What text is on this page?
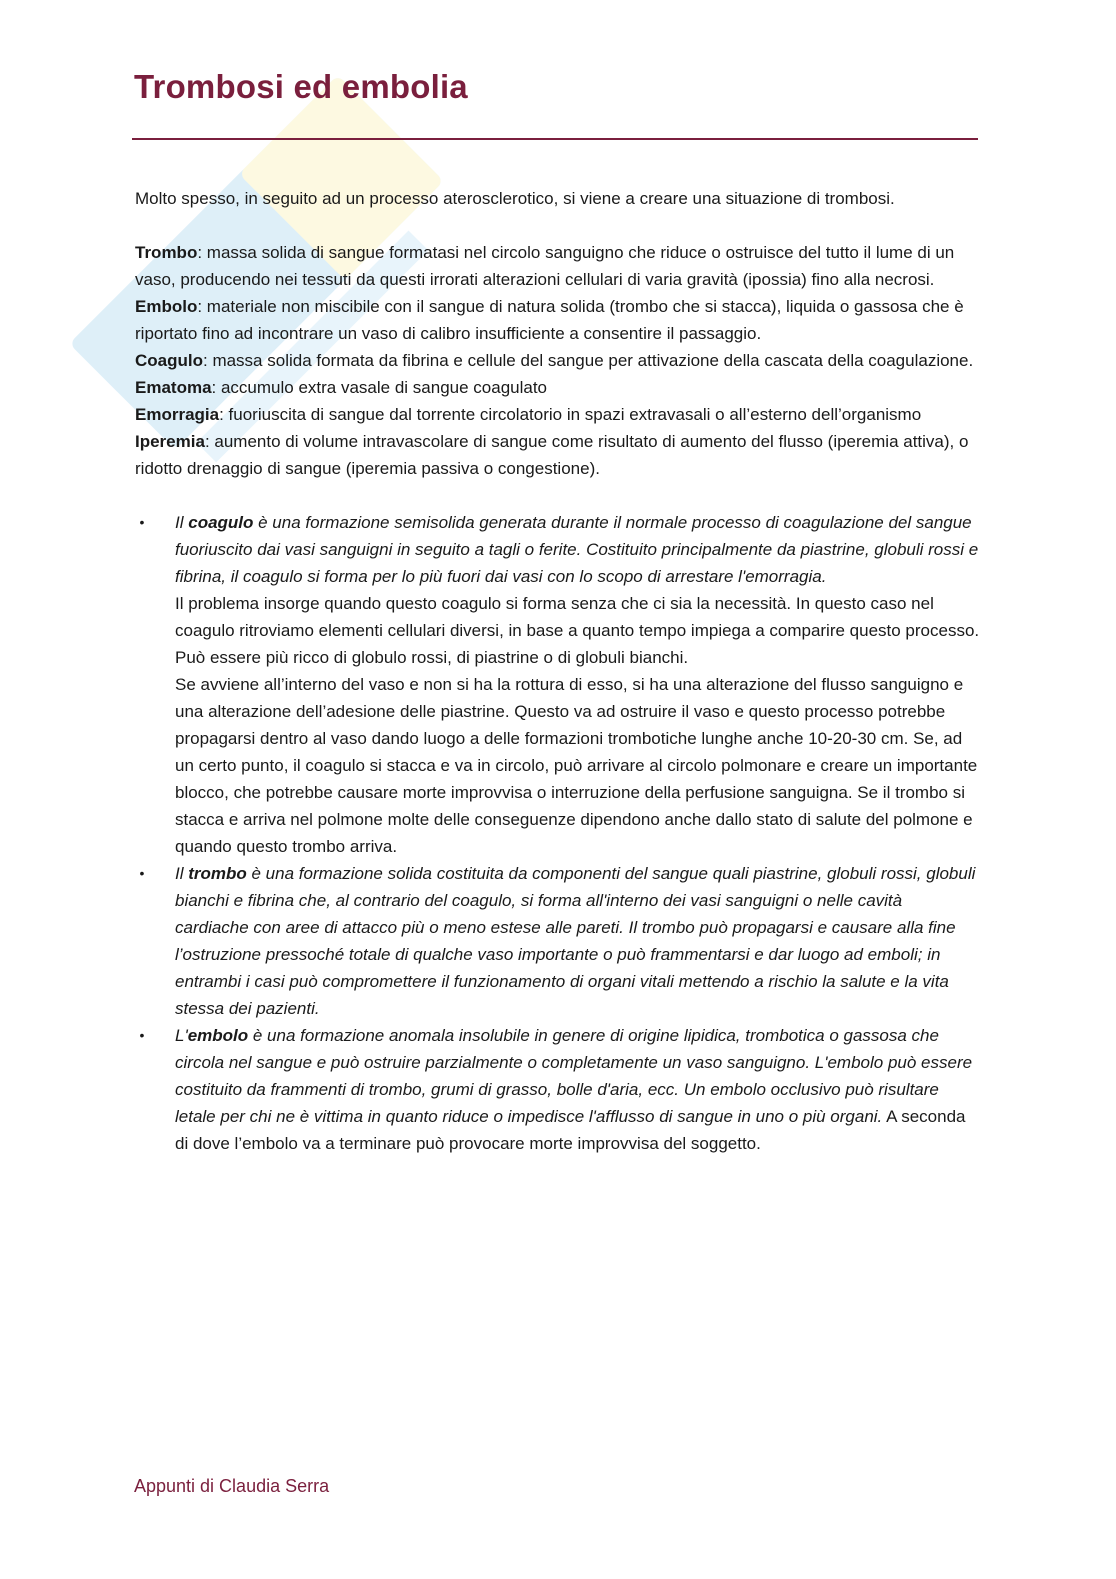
Trombosi ed embolia

Molto spesso, in seguito ad un processo aterosclerotico, si viene a creare una situazione di trombosi.

Trombo: massa solida di sangue formatasi nel circolo sanguigno che riduce o ostruisce del tutto il lume di un vaso, producendo nei tessuti da questi irrorati alterazioni cellulari di varia gravità (ipossia) fino alla necrosi.

Embolo: materiale non miscibile con il sangue di natura solida (trombo che si stacca), liquida o gassosa che è riportato fino ad incontrare un vaso di calibro insufficiente a consentire il passaggio.

Coagulo: massa solida formata da fibrina e cellule del sangue per attivazione della cascata della coagulazione.

Ematoma: accumulo extra vasale di sangue coagulato

Emorragia: fuoriuscita di sangue dal torrente circolatorio in spazi extravasali o all’esterno dell’organismo

Iperemia: aumento di volume intravascolare di sangue come risultato di aumento del flusso (iperemia attiva), o ridotto drenaggio di sangue (iperemia passiva o congestione).

• Il coagulo è una formazione semisolida generata durante il normale processo di coagulazione del sangue fuoriuscito dai vasi sanguigni in seguito a tagli o ferite. Costituito principalmente da piastrine, globuli rossi e fibrina, il coagulo si forma per lo più fuori dai vasi con lo scopo di arrestare l'emorragia.

Il problema insorge quando questo coagulo si forma senza che ci sia la necessità. In questo caso nel coagulo ritroviamo elementi cellulari diversi, in base a quanto tempo impiega a comparire questo processo. Può essere più ricco di globulo rossi, di piastrine o di globuli bianchi.

Se avviene all’interno del vaso e non si ha la rottura di esso, si ha una alterazione del flusso sanguigno e una alterazione dell’adesione delle piastrine. Questo va ad ostruire il vaso e questo processo potrebbe propagarsi dentro al vaso dando luogo a delle formazioni trombotiche lunghe anche 10-20-30 cm. Se, ad un certo punto, il coagulo si stacca e va in circolo, può arrivare al circolo polmonare e creare un importante blocco, che potrebbe causare morte improvvisa o interruzione della perfusione sanguigna. Se il trombo si stacca e arriva nel polmone molte delle conseguenze dipendono anche dallo stato di salute del polmone e quando questo trombo arriva.

• Il trombo è una formazione solida costituita da componenti del sangue quali piastrine, globuli rossi, globuli bianchi e fibrina che, al contrario del coagulo, si forma all'interno dei vasi sanguigni o nelle cavità cardiache con aree di attacco più o meno estese alle pareti. Il trombo può propagarsi e causare alla fine l’ostruzione pressoché totale di qualche vaso importante o può frammentarsi e dar luogo ad emboli; in entrambi i casi può compromettere il funzionamento di organi vitali mettendo a rischio la salute e la vita stessa dei pazienti.

• L'embolo è una formazione anomala insolubile in genere di origine lipidica, trombotica o gassosa che circola nel sangue e può ostruire parzialmente o completamente un vaso sanguigno. L'embolo può essere costituito da frammenti di trombo, grumi di grasso, bolle d'aria, ecc. Un embolo occlusivo può risultare letale per chi ne è vittima in quanto riduce o impedisce l'afflusso di sangue in uno o più organi. A seconda di dove l’embolo va a terminare può provocare morte improvvisa del soggetto.

Appunti di Claudia Serra
